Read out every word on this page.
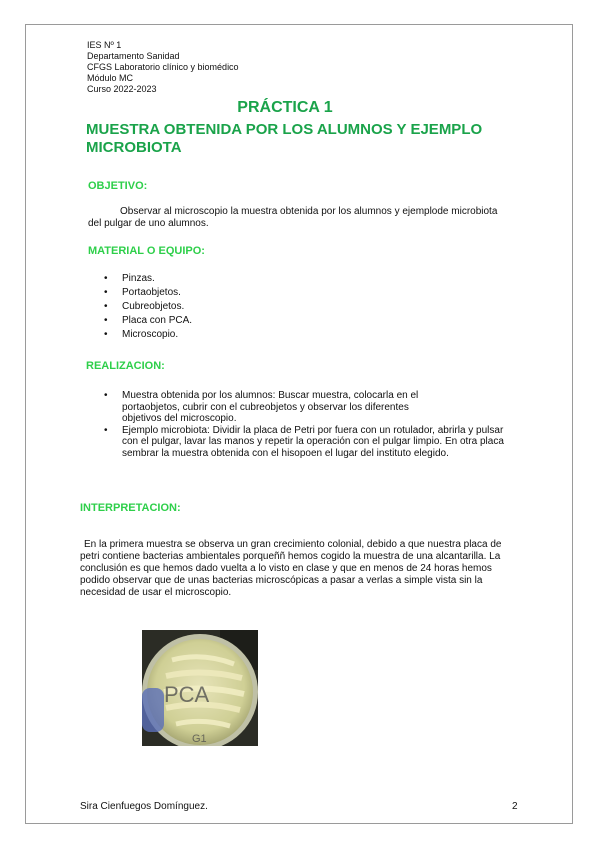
IES Nº 1
Departamento Sanidad
CFGS Laboratorio clínico y biomédico
Módulo MC
Curso 2022-2023
PRÁCTICA 1
MUESTRA OBTENIDA POR LOS ALUMNOS Y EJEMPLO MICROBIOTA
OBJETIVO:
Observar al microscopio la muestra obtenida por los alumnos y ejemplode microbiota del pulgar de uno alumnos.
MATERIAL O EQUIPO:
• Pinzas.
• Portaobjetos.
• Cubreobjetos.
• Placa con PCA.
• Microscopio.
REALIZACION:
• Muestra obtenida por los alumnos: Buscar muestra, colocarla en el portaobjetos, cubrir con el cubreobjetos y observar los diferentes objetivos del microscopio.
• Ejemplo microbiota: Dividir la placa de Petri por fuera con un rotulador, abrirla y pulsar con el pulgar, lavar las manos y repetir la operación con el pulgar limpio. En otra placa sembrar la muestra obtenida con el hisopoen el lugar del instituto elegido.
INTERPRETACION:
En la primera muestra se observa un gran crecimiento colonial, debido a que nuestra placa de petri contiene bacterias ambientales porqueññ hemos cogido la muestra de una alcantarilla. La conclusión es que hemos dado vuelta a lo visto en clase y que en menos de 24 horas hemos podido observar que de unas bacterias microscópicas a pasar a verlas a simple vista sin la necesidad de usar el microscopio.
PCA
G1
Sira Cienfuegos Domínguez.	2
